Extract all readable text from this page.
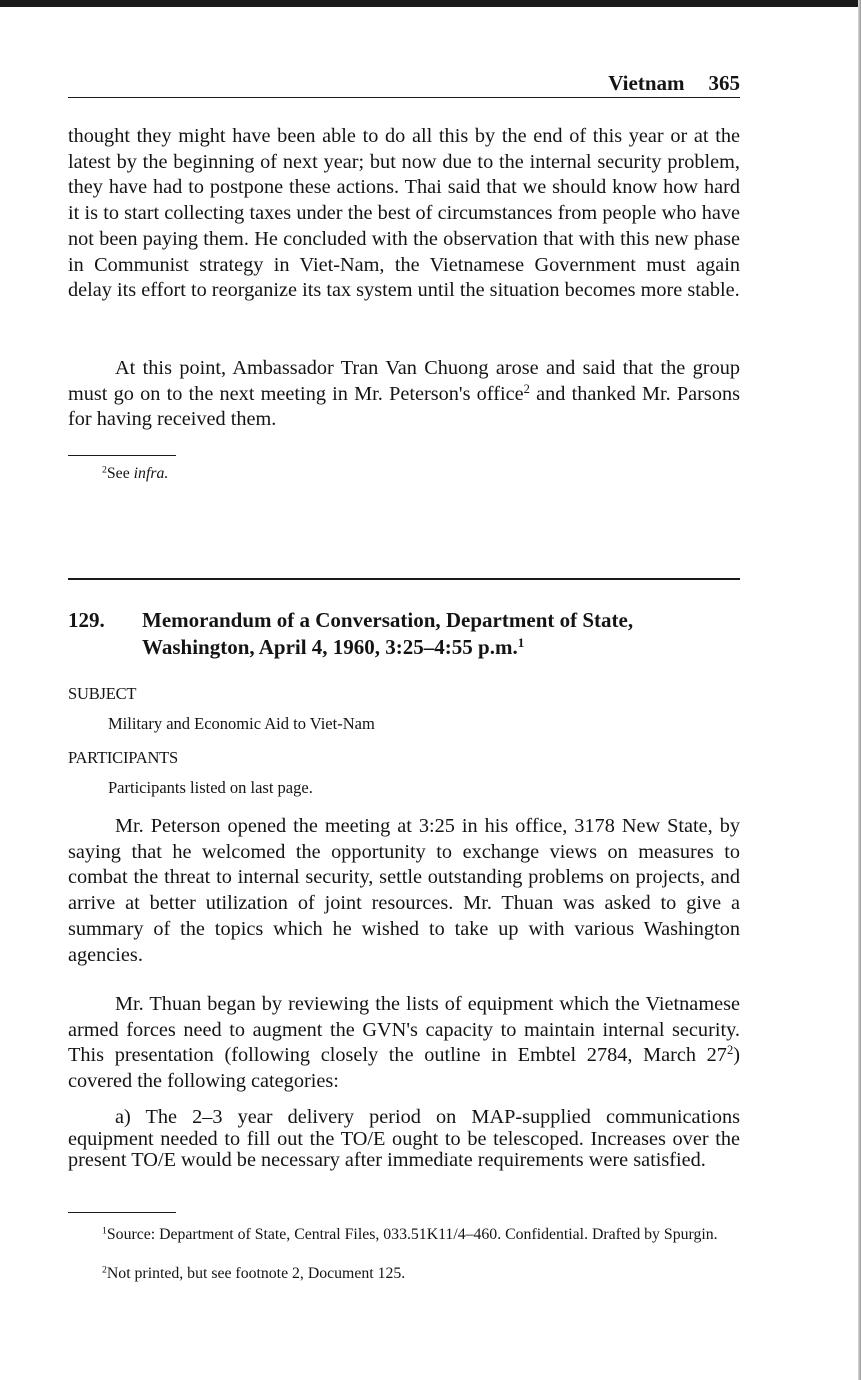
Vietnam 365

thought they might have been able to do all this by the end of this year or at the latest by the beginning of next year; but now due to the internal security problem, they have had to postpone these actions. Thai said that we should know how hard it is to start collecting taxes under the best of circumstances from people who have not been paying them. He concluded with the observation that with this new phase in Communist strategy in Viet-Nam, the Vietnamese Government must again delay its effort to reorganize its tax system until the situation becomes more stable.

At this point, Ambassador Tran Van Chuong arose and said that the group must go on to the next meeting in Mr. Peterson's office$^2$ and thanked Mr. Parsons for having received them.

$^2$See infra.

129. Memorandum of a Conversation, Department of State, Washington, April 4, 1960, 3:25–4:55 p.m.$^1$

SUBJECT
Military and Economic Aid to Viet-Nam
PARTICIPANTS
Participants listed on last page.

Mr. Peterson opened the meeting at 3:25 in his office, 3178 New State, by saying that he welcomed the opportunity to exchange views on measures to combat the threat to internal security, settle outstanding problems on projects, and arrive at better utilization of joint resources. Mr. Thuan was asked to give a summary of the topics which he wished to take up with various Washington agencies.

Mr. Thuan began by reviewing the lists of equipment which the Vietnamese armed forces need to augment the GVN's capacity to maintain internal security. This presentation (following closely the outline in Embtel 2784, March $27^2$) covered the following categories:

a) The 2–3 year delivery period on MAP-supplied communications equipment needed to fill out the TO/E ought to be telescoped. Increases over the present TO/E would be necessary after immediate requirements were satisfied.

$^1$Source: Department of State, Central Files, 033.51K11/4–460. Confidential. Drafted by Spurgin.

$^2$Not printed, but see footnote 2, Document 125.
